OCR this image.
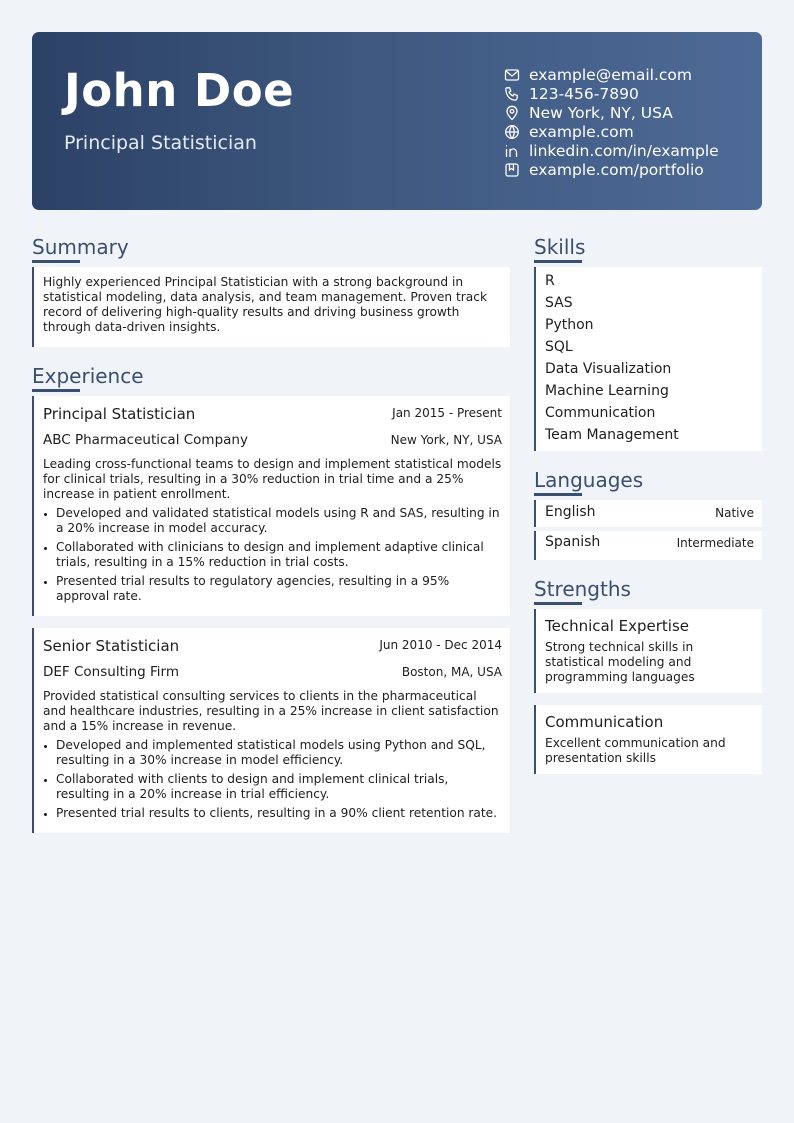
John Doe
Principal Statistician
example@email.com
123-456-7890
New York, NY, USA
example.com
linkedin.com/in/example
example.com/portfolio
Summary
Highly experienced Principal Statistician with a strong background in statistical modeling, data analysis, and team management. Proven track record of delivering high-quality results and driving business growth through data-driven insights.
Experience
Principal Statistician	Jan 2015 - Present
ABC Pharmaceutical Company	New York, NY, USA
Leading cross-functional teams to design and implement statistical models for clinical trials, resulting in a 30% reduction in trial time and a 25% increase in patient enrollment.
Developed and validated statistical models using R and SAS, resulting in a 20% increase in model accuracy.
Collaborated with clinicians to design and implement adaptive clinical trials, resulting in a 15% reduction in trial costs.
Presented trial results to regulatory agencies, resulting in a 95% approval rate.
Senior Statistician	Jun 2010 - Dec 2014
DEF Consulting Firm	Boston, MA, USA
Provided statistical consulting services to clients in the pharmaceutical and healthcare industries, resulting in a 25% increase in client satisfaction and a 15% increase in revenue.
Developed and implemented statistical models using Python and SQL, resulting in a 30% increase in model efficiency.
Collaborated with clients to design and implement clinical trials, resulting in a 20% increase in trial efficiency.
Presented trial results to clients, resulting in a 90% client retention rate.
Skills
R
SAS
Python
SQL
Data Visualization
Machine Learning
Communication
Team Management
Languages
English	Native
Spanish	Intermediate
Strengths
Technical Expertise
Strong technical skills in statistical modeling and programming languages
Communication
Excellent communication and presentation skills
